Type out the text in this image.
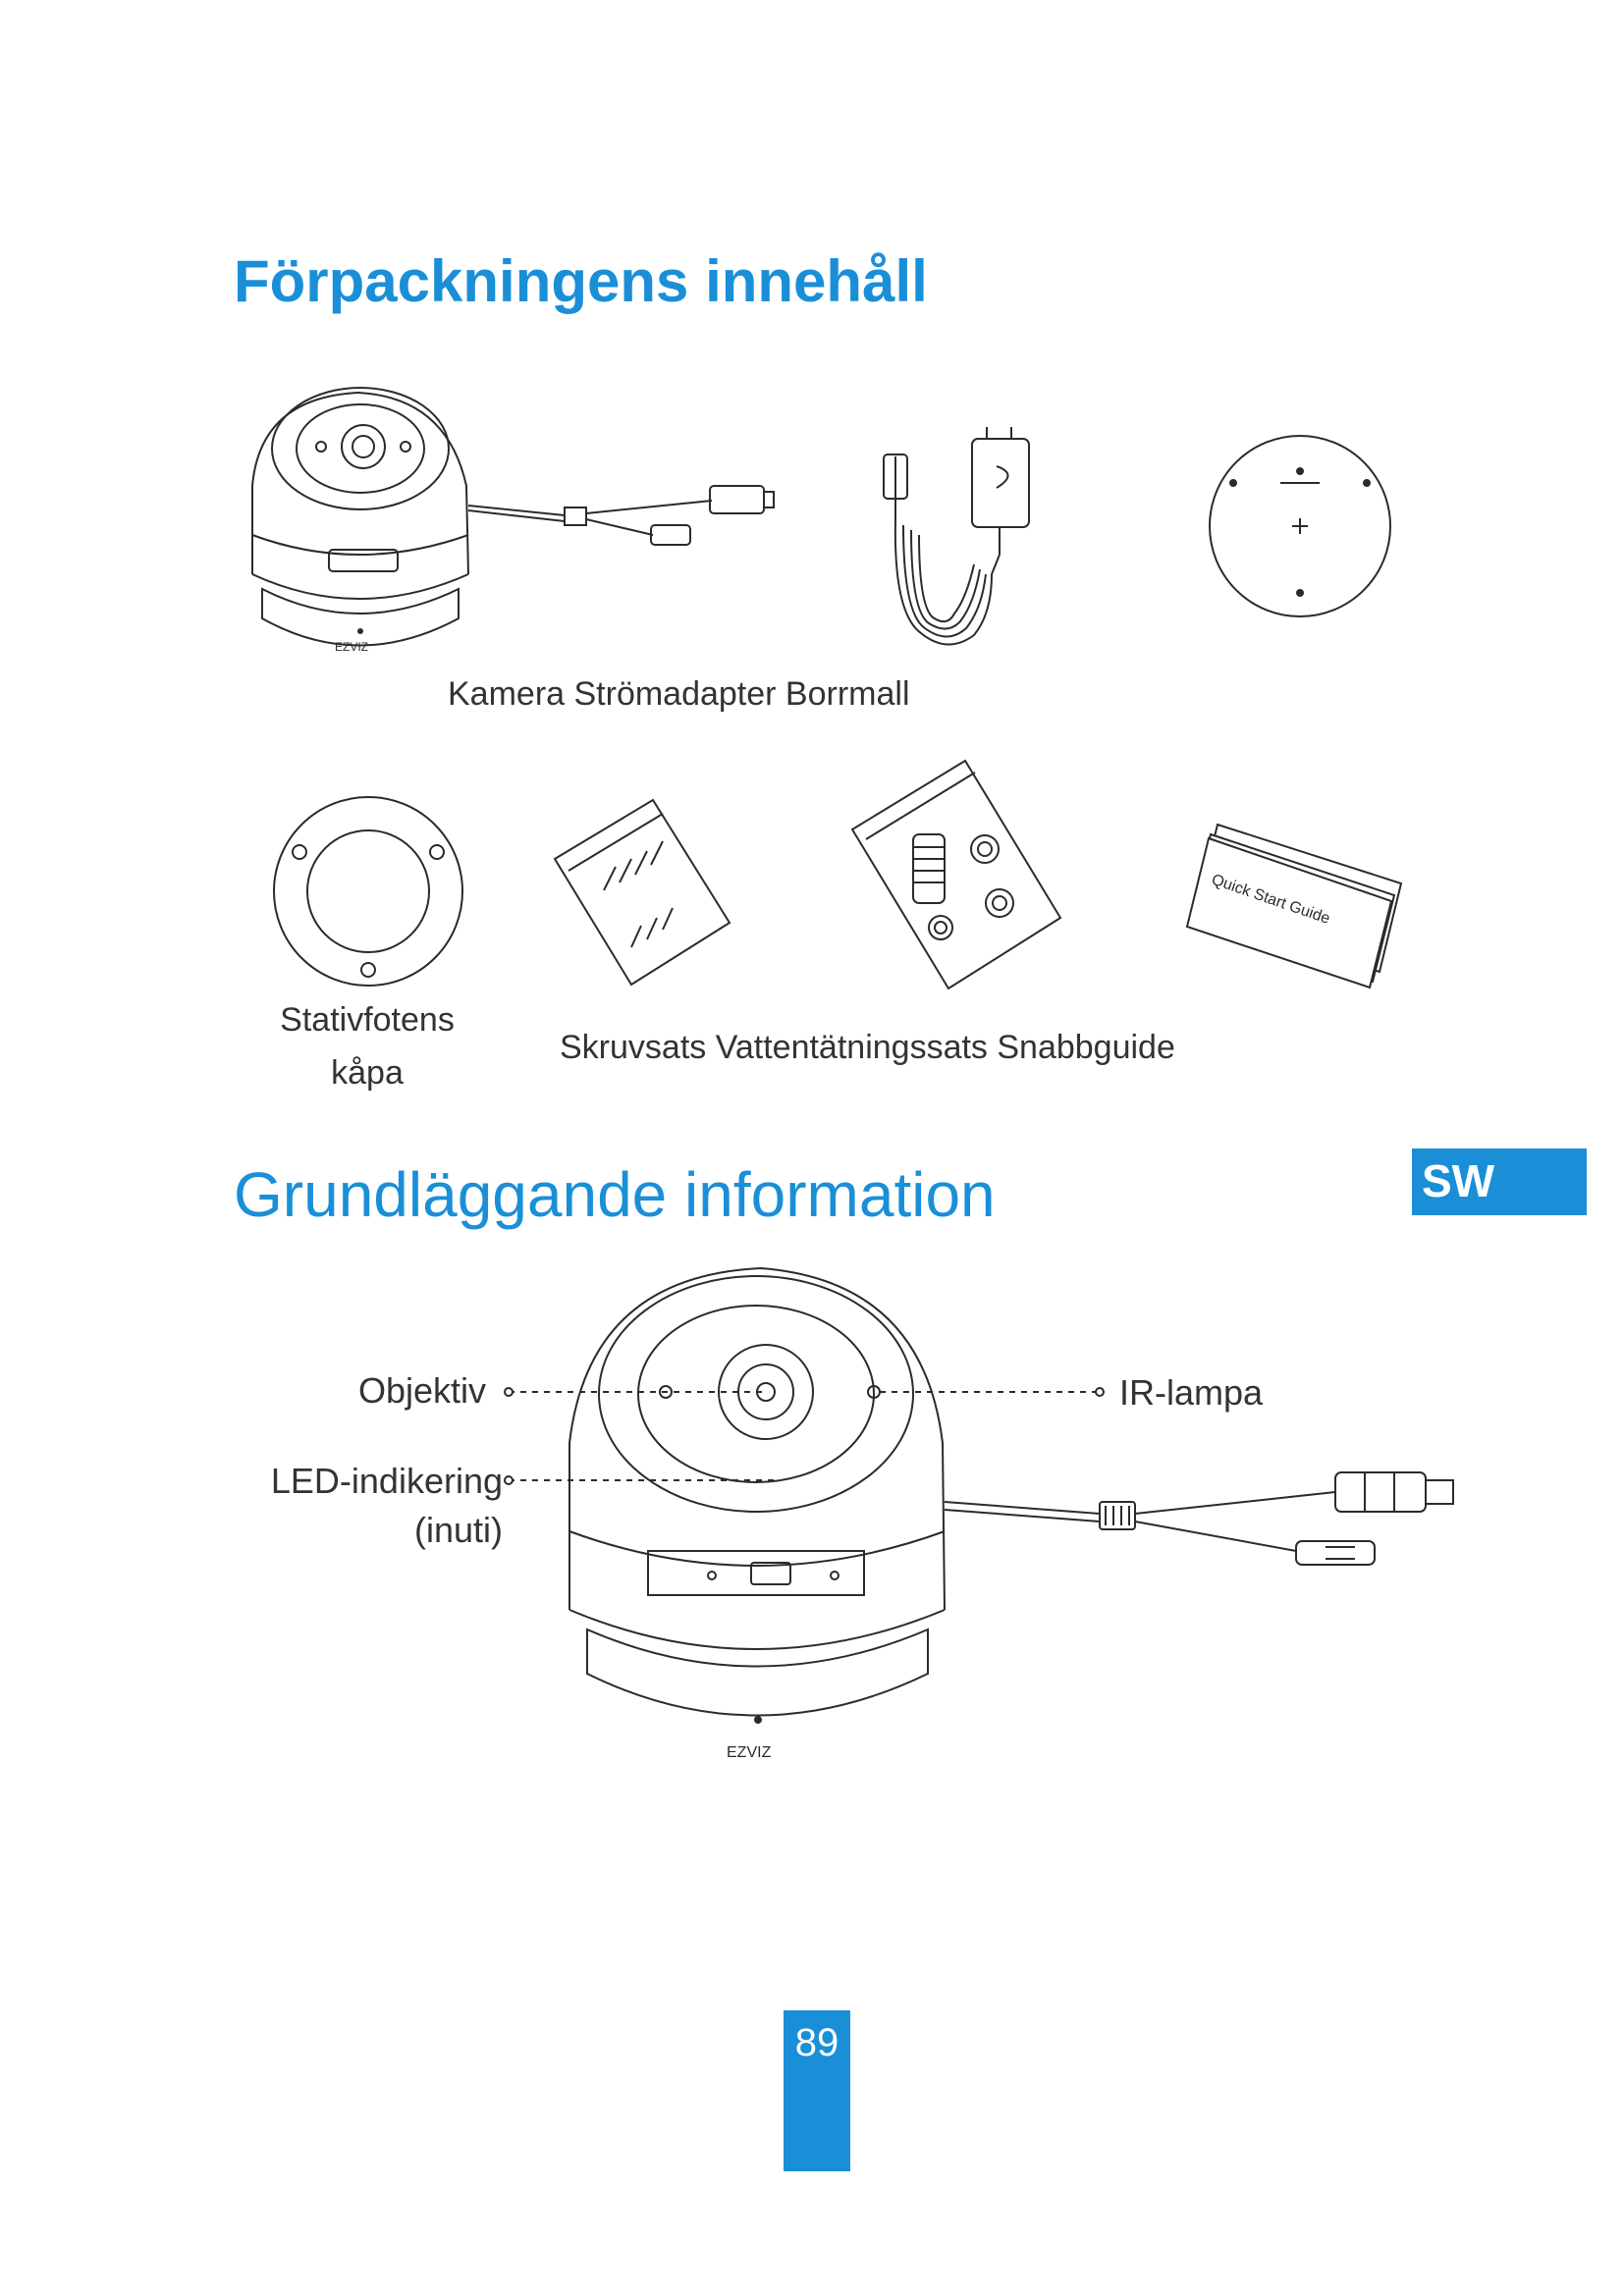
Förpackningens innehåll
EZVIZ
Kamera Strömadapter Borrmall
Quick Start Guide
Stativfotens
kåpa
Skruvsats Vattentätningssats Snabbguide
Grundläggande information	SW
EZVIZ
Objektiv	IR-lampa
LED-indikering
(inuti)
89
